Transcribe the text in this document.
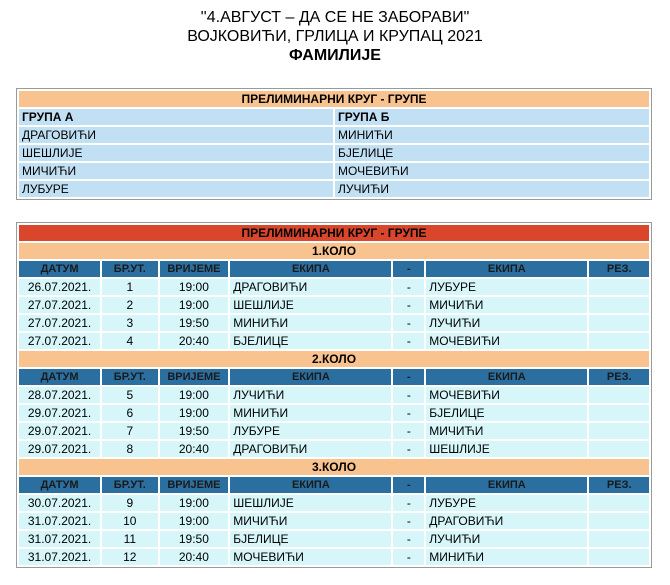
''4.АВГУСТ – ДА СЕ НЕ ЗАБОРАВИ"
ВОЈКОВИЋИ, ГРЛИЦА И КРУПАЦ 2021
ФАМИЛИЈЕ
ПРЕЛИМИНАРНИ КРУГ - ГРУПЕ	
ГРУПА А	ГРУПА Б
ДРАГОВИЋИ	МИНИЋИ
ШЕШЛИЈЕ	БЈЕЛИЦЕ
МИЧИЋИ	МОЧЕВИЋИ
ЛУБУРЕ	ЛУЧИЋИ
ПРЕЛИМИНАРНИ КРУГ - ГРУПЕ						
1.КОЛО						
ДАТУМ	БР.УТ.	ВРИЈЕМЕ	ЕКИПА	-	ЕКИПА	РЕЗ.
26.07.2021.	1	19:00	ДРАГОВИЋИ	-	ЛУБУРЕ	
27.07.2021.	2	19:00	ШЕШЛИЈЕ	-	МИЧИЋИ	
27.07.2021.	3	19:50	МИНИЋИ	-	ЛУЧИЋИ	
27.07.2021.	4	20:40	БЈЕЛИЦЕ	-	МОЧЕВИЋИ	
2.КОЛО						
ДАТУМ	БР.УТ.	ВРИЈЕМЕ	ЕКИПА	-	ЕКИПА	РЕЗ.
28.07.2021.	5	19:00	ЛУЧИЋИ	-	МОЧЕВИЋИ	
29.07.2021.	6	19:00	МИНИЋИ	-	БЈЕЛИЦЕ	
29.07.2021.	7	19:50	ЛУБУРЕ	-	МИЧИЋИ	
29.07.2021.	8	20:40	ДРАГОВИЋИ	-	ШЕШЛИЈЕ	
3.КОЛО						
ДАТУМ	БР.УТ.	ВРИЈЕМЕ	ЕКИПА	-	ЕКИПА	РЕЗ.
30.07.2021.	9	19:00	ШЕШЛИЈЕ	-	ЛУБУРЕ	
31.07.2021.	10	19:00	МИЧИЋИ	-	ДРАГОВИЋИ	
31.07.2021.	11	19:50	БЈЕЛИЦЕ	-	ЛУЧИЋИ	
31.07.2021.	12	20:40	МОЧЕВИЋИ	-	МИНИЋИ	
